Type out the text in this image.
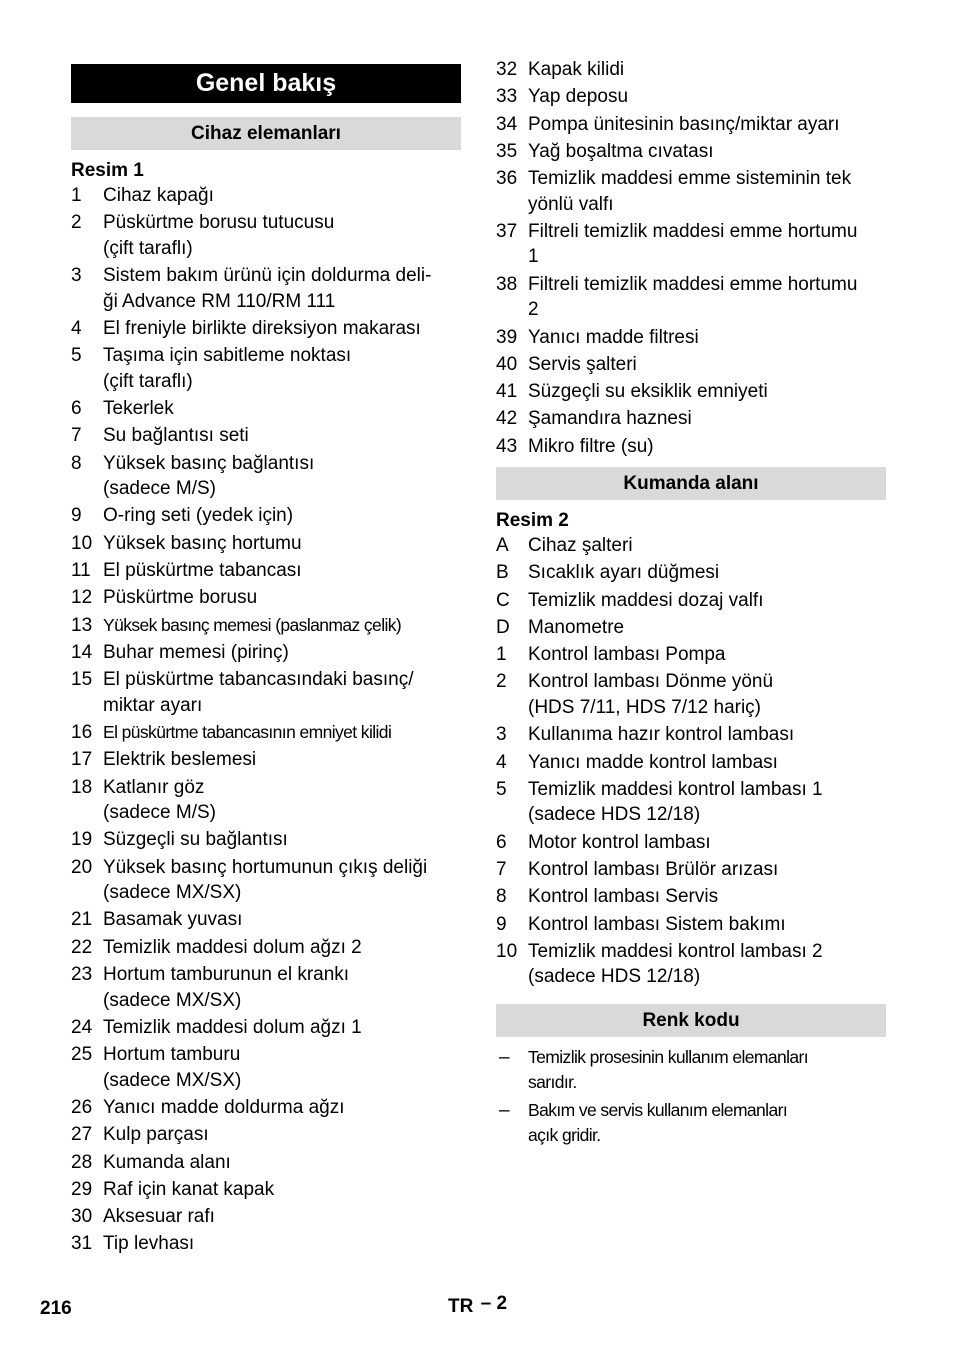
Genel bakış
Cihaz elemanları
Resim 1
1	Cihaz kapağı
2	Püskürtme borusu tutucusu
(çift taraflı)
3	Sistem bakım ürünü için doldurma deli-
ği Advance RM 110/RM 111
4	El freniyle birlikte direksiyon makarası
5	Taşıma için sabitleme noktası
(çift taraflı)
6	Tekerlek
7	Su bağlantısı seti
8	Yüksek basınç bağlantısı
(sadece M/S)
9	O-ring seti (yedek için)
10 Yüksek basınç hortumu
11 El püskürtme tabancası
12 Püskürtme borusu
13 Yüksek basınç memesi (paslanmaz çelik)
14 Buhar memesi (pirinç)
15 El püskürtme tabancasındaki basınç/
miktar ayarı
16 El püskürtme tabancasının emniyet kilidi
17 Elektrik beslemesi
18 Katlanır göz
(sadece M/S)
19 Süzgeçli su bağlantısı
20 Yüksek basınç hortumunun çıkış deliği
(sadece MX/SX)
21 Basamak yuvası
22 Temizlik maddesi dolum ağzı 2
23 Hortum tamburunun el krankı
(sadece MX/SX)
24 Temizlik maddesi dolum ağzı 1
25 Hortum tamburu
(sadece MX/SX)
26 Yanıcı madde doldurma ağzı
27 Kulp parçası
28 Kumanda alanı
29 Raf için kanat kapak
30 Aksesuar rafı
31 Tip levhası
32 Kapak kilidi
33 Yap deposu
34 Pompa ünitesinin basınç/miktar ayarı
35 Yağ boşaltma cıvatası
36 Temizlik maddesi emme sisteminin tek
yönlü valfı
37 Filtreli temizlik maddesi emme hortumu
1
38 Filtreli temizlik maddesi emme hortumu
2
39 Yanıcı madde filtresi
40 Servis şalteri
41 Süzgeçli su eksiklik emniyeti
42 Şamandıra haznesi
43 Mikro filtre (su)
Kumanda alanı
Resim 2
A	Cihaz şalteri
B	Sıcaklık ayarı düğmesi
C Temizlik maddesi dozaj valfı
D Manometre
1	Kontrol lambası Pompa
2	Kontrol lambası Dönme yönü
(HDS 7/11, HDS 7/12 hariç)
3	Kullanıma hazır kontrol lambası
4	Yanıcı madde kontrol lambası
5	Temizlik maddesi kontrol lambası 1
(sadece HDS 12/18)
6	Motor kontrol lambası
7	Kontrol lambası Brülör arızası
8	Kontrol lambası Servis
9	Kontrol lambası Sistem bakımı
10 Temizlik maddesi kontrol lambası 2
(sadece HDS 12/18)
Renk kodu
–	Temizlik prosesinin kullanım elemanları
sarıdır.
–	Bakım ve servis kullanım elemanları
açık gridir.
216	TR – 2
